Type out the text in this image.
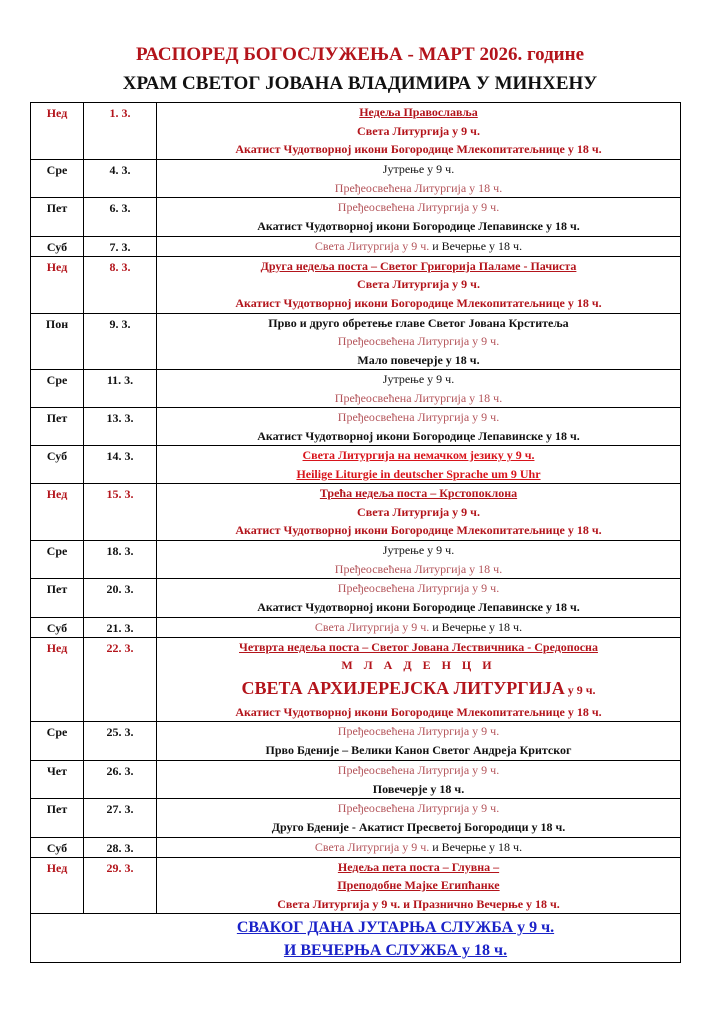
РАСПОРЕД БОГОСЛУЖЕЊА - МАРТ 2026. године
ХРАМ СВЕТОГ ЈОВАНА ВЛАДИМИРА У МИНХЕНУ
Нед	1. 3.	Недеља Православља
Света Литургија у 9 ч.
Акатист Чудотворној икони Богородице Млекопитатељнице у 18 ч.

Сре	4. 3.	Јутрење у 9 ч.
Пређеосвећена Литургија у 18 ч.

Пет	6. 3.	Пређеосвећена Литургија у 9 ч.
Акатист Чудотворној икони Богородице Лепавинске у 18 ч.

Суб	7. 3.	Света Литургија у 9 ч. и Вечерње у 18 ч.

Нед	8. 3.	Друга недеља поста – Светог Григорија Паламе - Пачиста
Света Литургија у 9 ч.
Акатист Чудотворној икони Богородице Млекопитатељнице у 18 ч.

Пон	9. 3.	Прво и друго обретење главе Светог Јована Крститеља
Пређеосвећена Литургија у 9 ч.
Мало повечерје у 18 ч.

Сре	11. 3.	Јутрење у 9 ч.
Пређеосвећена Литургија у 18 ч.

Пет	13. 3.	Пређеосвећена Литургија у 9 ч.
Акатист Чудотворној икони Богородице Лепавинске у 18 ч.

Суб	14. 3.	Света Литургија на немачком језику у 9 ч.
Heilige Liturgie in deutscher Sprache um 9 Uhr

Нед	15. 3.	Трећа недеља поста – Крстопоклона
Света Литургија у 9 ч.
Акатист Чудотворној икони Богородице Млекопитатељнице у 18 ч.

Сре	18. 3.	Јутрење у 9 ч.
Пређеосвећена Литургија у 18 ч.

Пет	20. 3.	Пређеосвећена Литургија у 9 ч.
Акатист Чудотворној икони Богородице Лепавинске у 18 ч.

Суб	21. 3.	Света Литургија у 9 ч. и Вечерње у 18 ч.

Нед	22. 3.	Четврта недеља поста – Светог Јована Лествичника - Средопосна
М Л А Д Е Н Ц И
СВЕТА АРХИЈЕРЕЈСКА ЛИТУРГИЈА у 9 ч.
Акатист Чудотворној икони Богородице Млекопитатељнице у 18 ч.

Сре	25. 3.	Пређеосвећена Литургија у 9 ч.
Прво Бденије – Велики Канон Светог Андреја Критског

Чет	26. 3.	Пређеосвећена Литургија у 9 ч.
Повечерје у 18 ч.

Пет	27. 3.	Пређеосвећена Литургија у 9 ч.
Друго Бденије - Акатист Пресветој Богородици у 18 ч.

Суб	28. 3.	Света Литургија у 9 ч. и Вечерње у 18 ч.

Нед	29. 3.	Недеља пета поста – Глувна –
Преподобне Мајке Египћанке
Света Литургија у 9 ч. и Празнично Вечерње у 18 ч.

СВАКОГ ДАНА ЈУТАРЊА СЛУЖБА у 9 ч.
И ВЕЧЕРЊА СЛУЖБА у 18 ч.		
